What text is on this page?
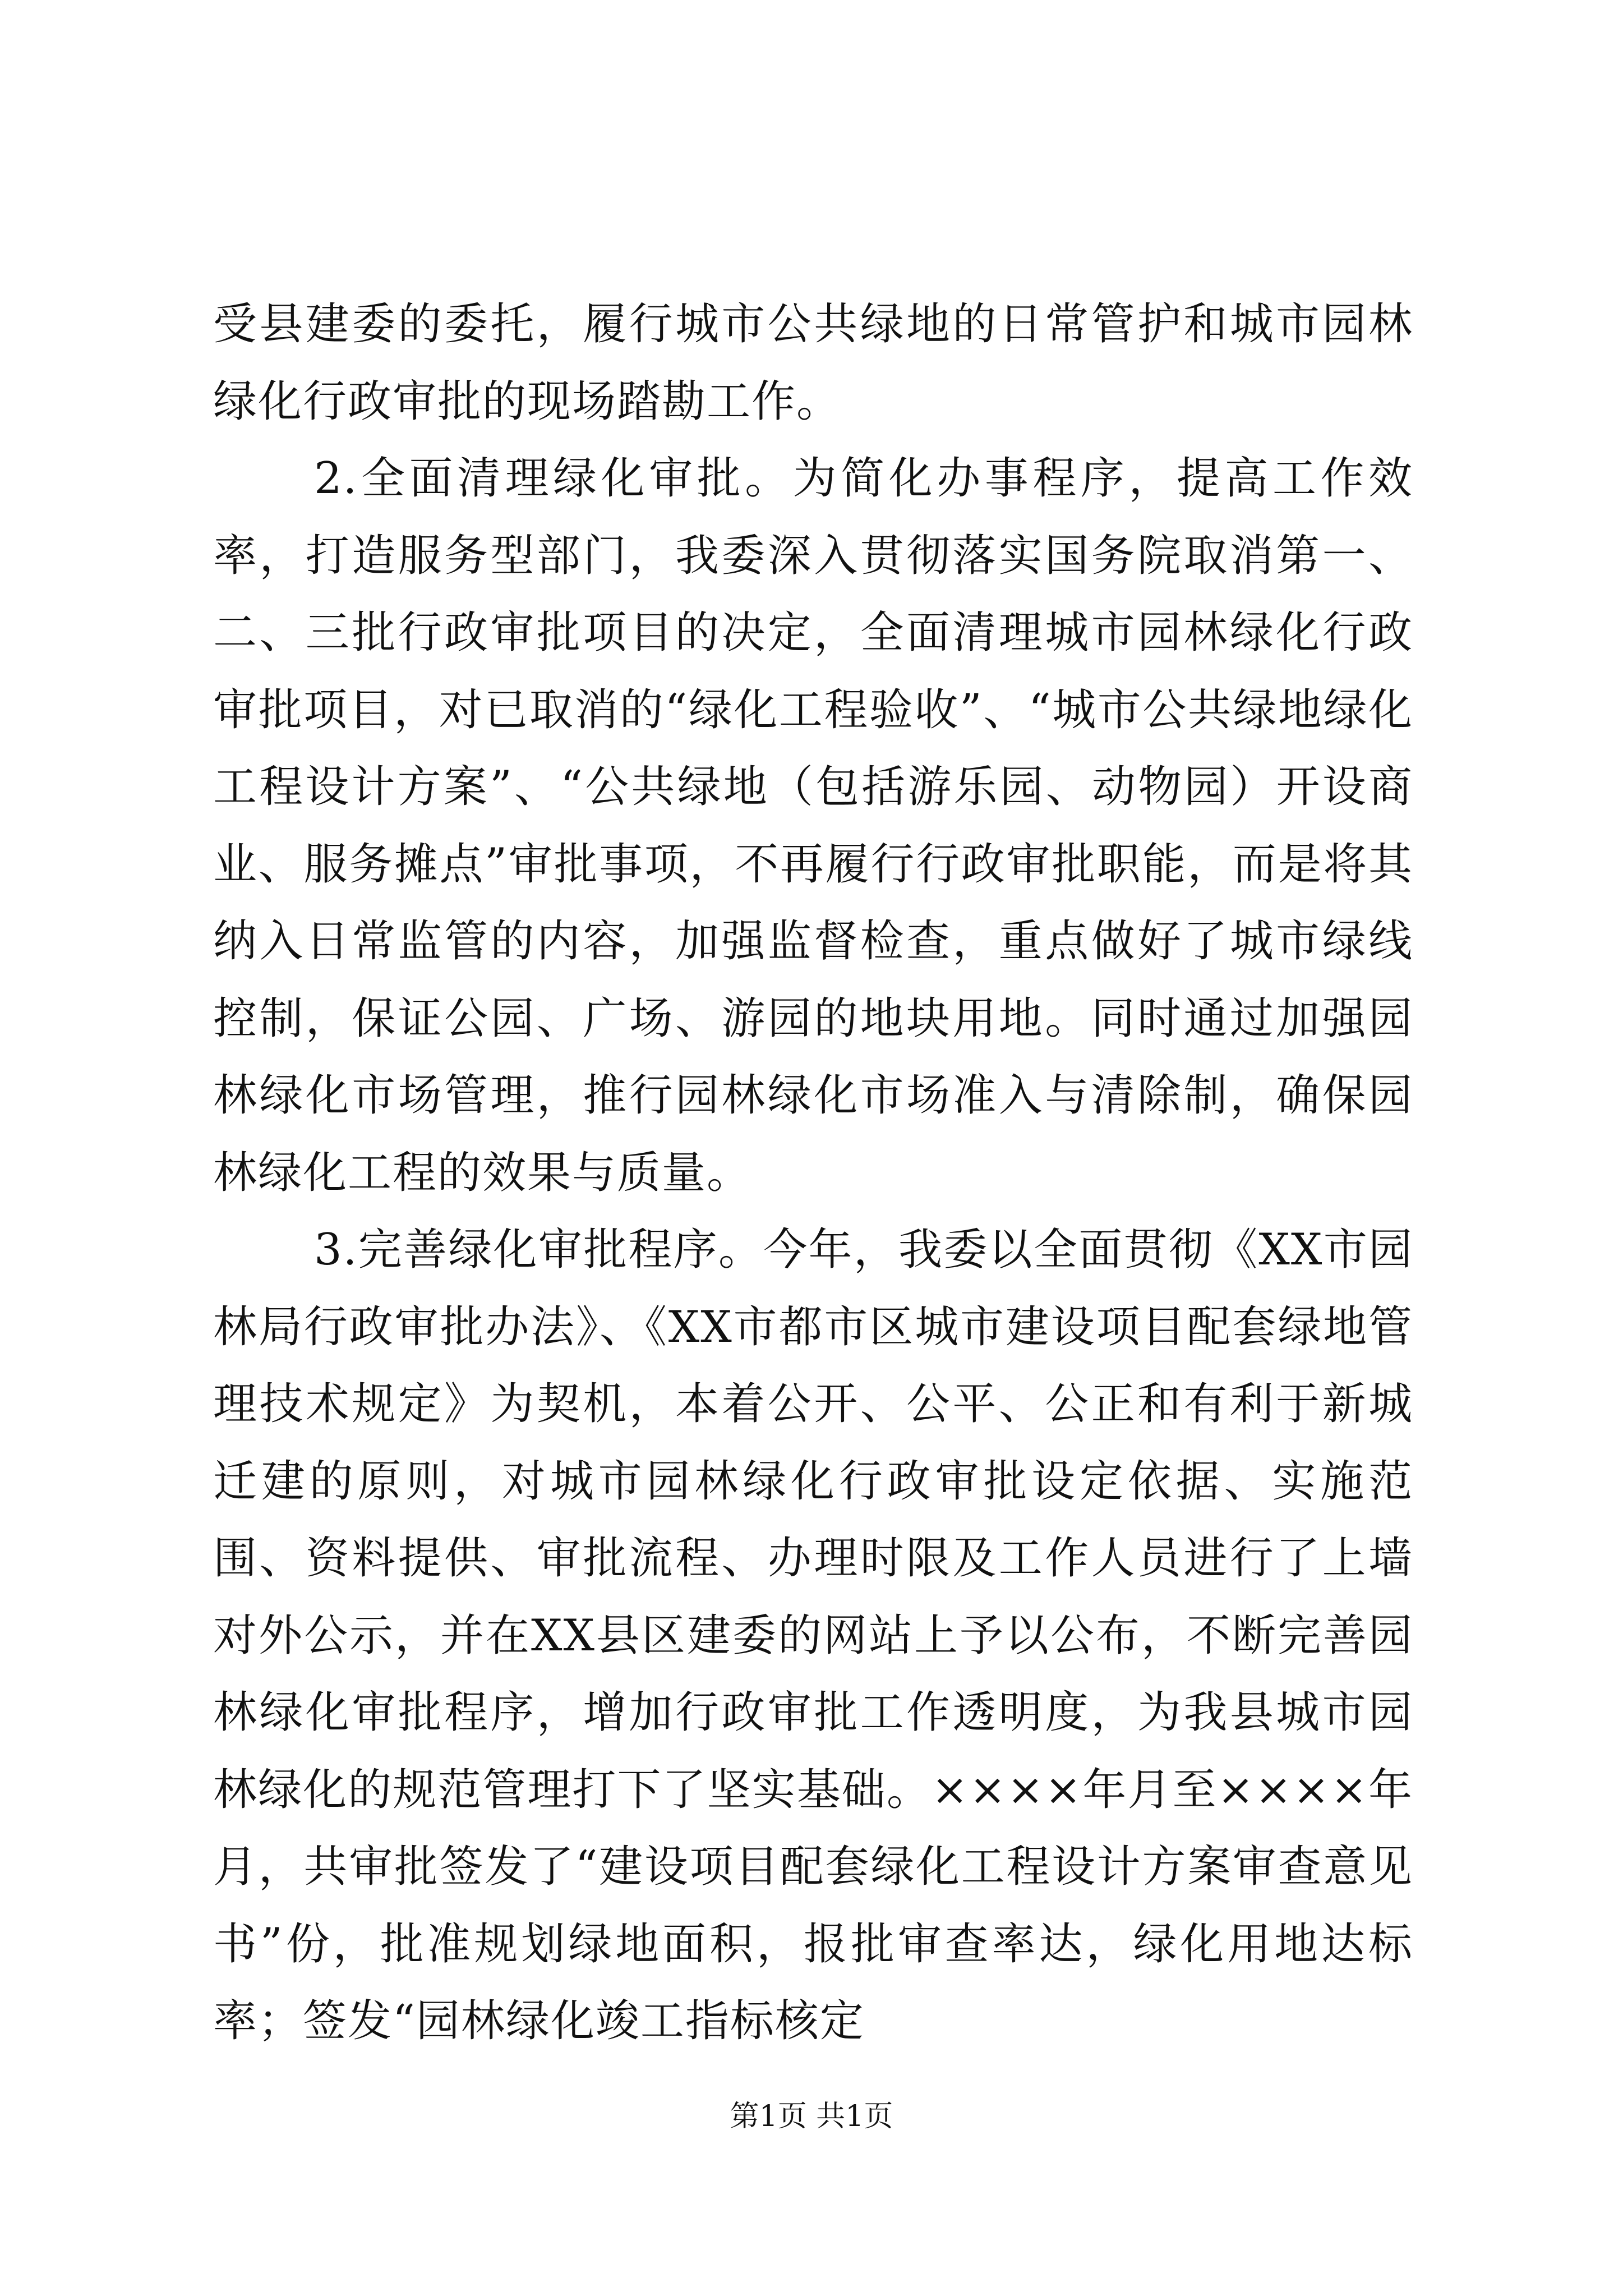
受县建委的委托，履行城市公共绿地的日常管护和城市园林绿化行政审批的现场踏勘工作。

2.全面清理绿化审批。为简化办事程序，提高工作效率，打造服务型部门，我委深入贯彻落实国务院取消第一、二、三批行政审批项目的决定，全面清理城市园林绿化行政审批项目，对已取消的“绿化工程验收”、“城市公共绿地绿化工程设计方案”、“公共绿地（包括游乐园、动物园）开设商业、服务摊点”审批事项，不再履行行政审批职能，而是将其纳入日常监管的内容，加强监督检查，重点做好了城市绿线控制，保证公园、广场、游园的地块用地。同时通过加强园林绿化市场管理，推行园林绿化市场准入与清除制，确保园林绿化工程的效果与质量。

3.完善绿化审批程序。今年，我委以全面贯彻《XX市园林局行政审批办法》、《XX市都市区城市建设项目配套绿地管理技术规定》为契机，本着公开、公平、公正和有利于新城迁建的原则，对城市园林绿化行政审批设定依据、实施范围、资料提供、审批流程、办理时限及工作人员进行了上墙对外公示，并在XX县区建委的网站上予以公布，不断完善园林绿化审批程序，增加行政审批工作透明度，为我县城市园林绿化的规范管理打下了坚实基础。××××年月至××××年月，共审批签发了“建设项目配套绿化工程设计方案审查意见书”份，批准规划绿地面积，报批审查率达，绿化用地达标率；签发“园林绿化竣工指标核定

第1页 共1页
